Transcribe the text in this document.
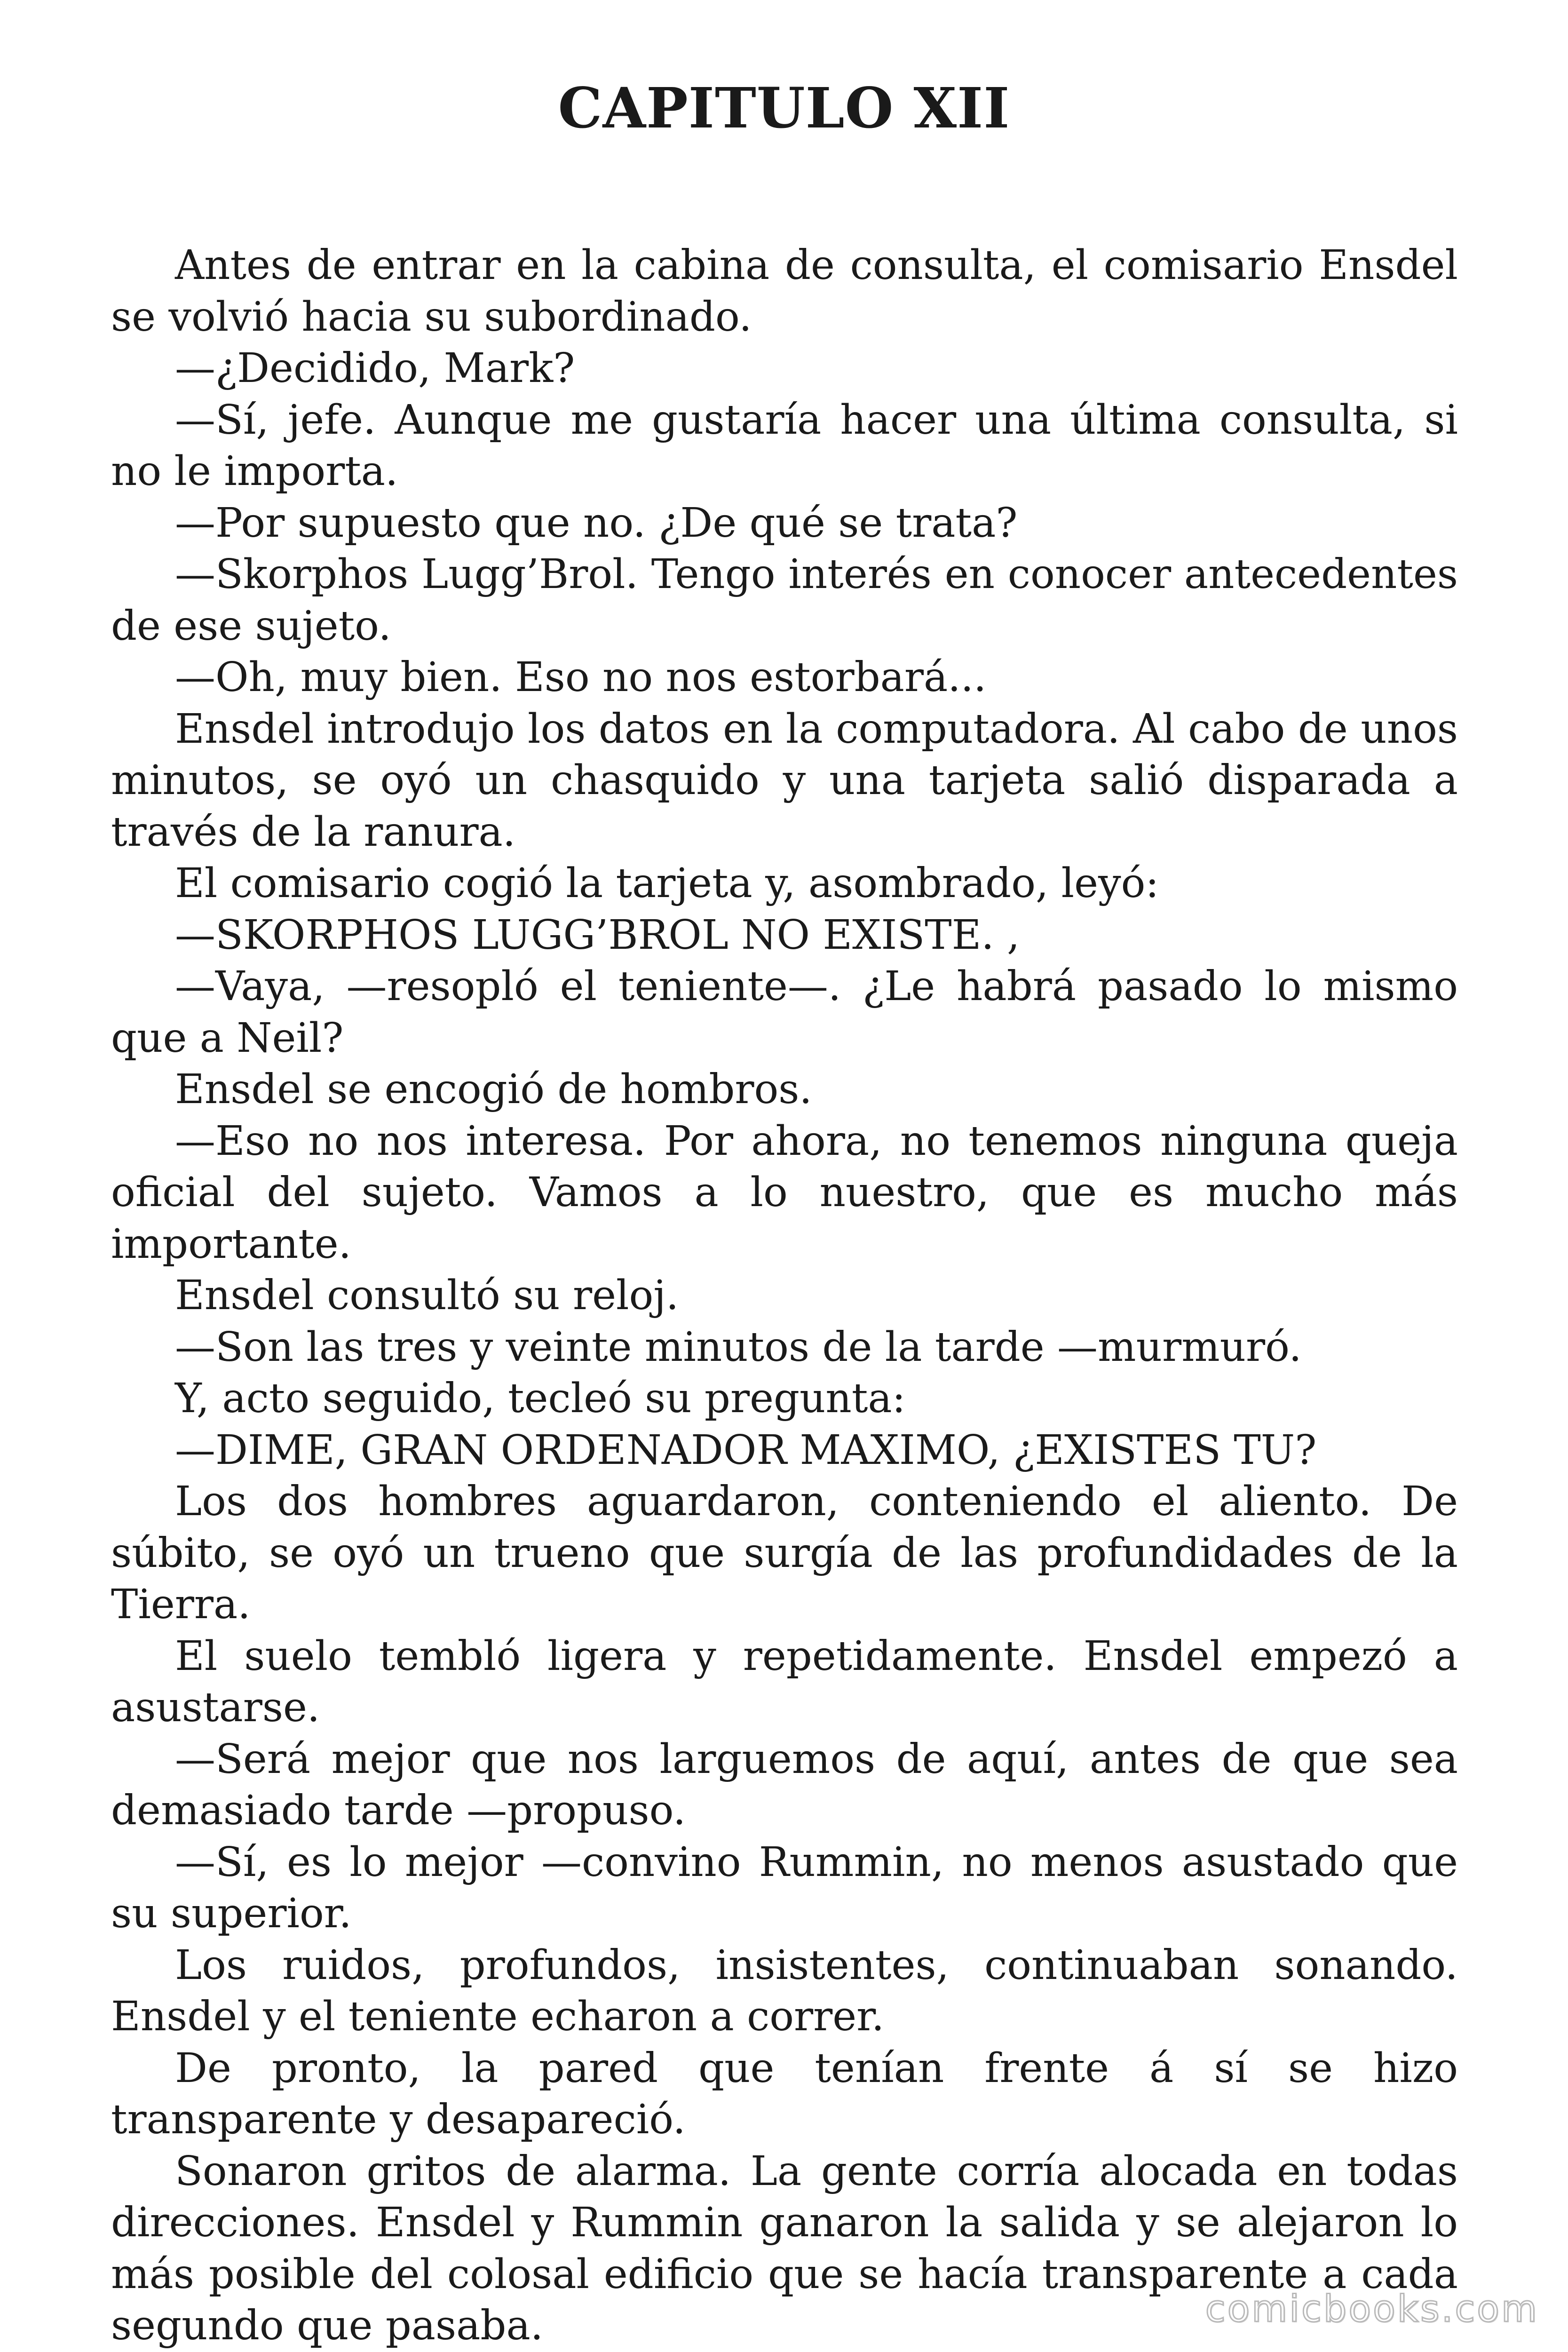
CAPITULO XII

Antes de entrar en la cabina de consulta, el comisario Ensdel se volvió hacia su subordinado.

—¿Decidido, Mark?

—Sí, jefe. Aunque me gustaría hacer una última consulta, si no le importa.

—Por supuesto que no. ¿De qué se trata?

—Skorphos Lugg’Brol. Tengo interés en conocer antecedentes de ese sujeto.

—Oh, muy bien. Eso no nos estorbará...

Ensdel introdujo los datos en la computadora. Al cabo de unos minutos, se oyó un chasquido y una tarjeta salió disparada a través de la ranura.

El comisario cogió la tarjeta y, asombrado, leyó:

—SKORPHOS LUGG’BROL NO EXISTE. ,

—Vaya, —resopló el teniente—. ¿Le habrá pasado lo mismo que a Neil?

Ensdel se encogió de hombros.

—Eso no nos interesa. Por ahora, no tenemos ninguna queja oficial del sujeto. Vamos a lo nuestro, que es mucho más importante.

Ensdel consultó su reloj.

—Son las tres y veinte minutos de la tarde —murmuró.

Y, acto seguido, tecleó su pregunta:

—DIME, GRAN ORDENADOR MAXIMO, ¿EXISTES TU?

Los dos hombres aguardaron, conteniendo el aliento. De súbito, se oyó un trueno que surgía de las profundidades de la Tierra.

El suelo tembló ligera y repetidamente. Ensdel empezó a asustarse.

—Será mejor que nos larguemos de aquí, antes de que sea demasiado tarde —propuso.

—Sí, es lo mejor —convino Rummin, no menos asustado que su superior.

Los ruidos, profundos, insistentes, continuaban sonando. Ensdel y el teniente echaron a correr.

De pronto, la pared que tenían frente á sí se hizo transparente y desapareció.

Sonaron gritos de alarma. La gente corría alocada en todas direcciones. Ensdel y Rummin ganaron la salida y se alejaron lo más posible del colosal edificio que se hacía transparente a cada segundo que pasaba.	comicbooks.com
